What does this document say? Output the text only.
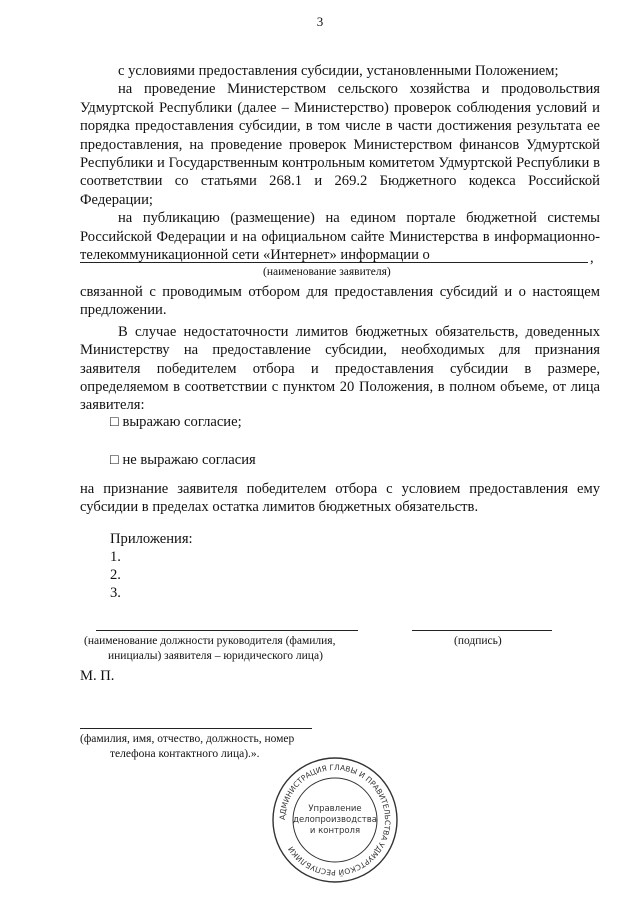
3

с условиями предоставления субсидии, установленными Положением;

на проведение Министерством сельского хозяйства и продовольствия Удмуртской Республики (далее – Министерство) проверок соблюдения условий и порядка предоставления субсидии, в том числе в части достижения результата ее предоставления, на проведение проверок Министерством финансов Удмуртской Республики и Государственным контрольным комитетом Удмуртской Республики в соответствии со статьями 268.1 и 269.2 Бюджетного кодекса Российской Федерации;

на публикацию (размещение) на едином портале бюджетной системы Российской Федерации и на официальном сайте Министерства в информационно-телекоммуникационной сети «Интернет» информации о	,
(наименование заявителя)

связанной с проводимым отбором для предоставления субсидий и о настоящем предложении.

В случае недостаточности лимитов бюджетных обязательств, доведенных Министерству на предоставление субсидии, необходимых для признания заявителя победителем отбора и предоставления субсидии в размере, определяемом в соответствии с пунктом 20 Положения, в полном объеме, от лица заявителя:

□ выражаю согласие;
□ не выражаю согласия

на признание заявителя победителем отбора с условием предоставления ему субсидии в пределах остатка лимитов бюджетных обязательств.

Приложения:
1.
2.
3.
(наименование должности руководителя (фамилия,
инициалы) заявителя – юридического лица)
(подпись)
М. П.
(фамилия, имя, отчество, должность, номер
телефона контактного лица).».
АДМИНИСТРАЦИЯ ГЛАВЫ И ПРАВИТЕЛЬСТВА УДМУРТСКОЙ РЕСПУБЛИКИ
Управление
делопроизводства
и контроля
